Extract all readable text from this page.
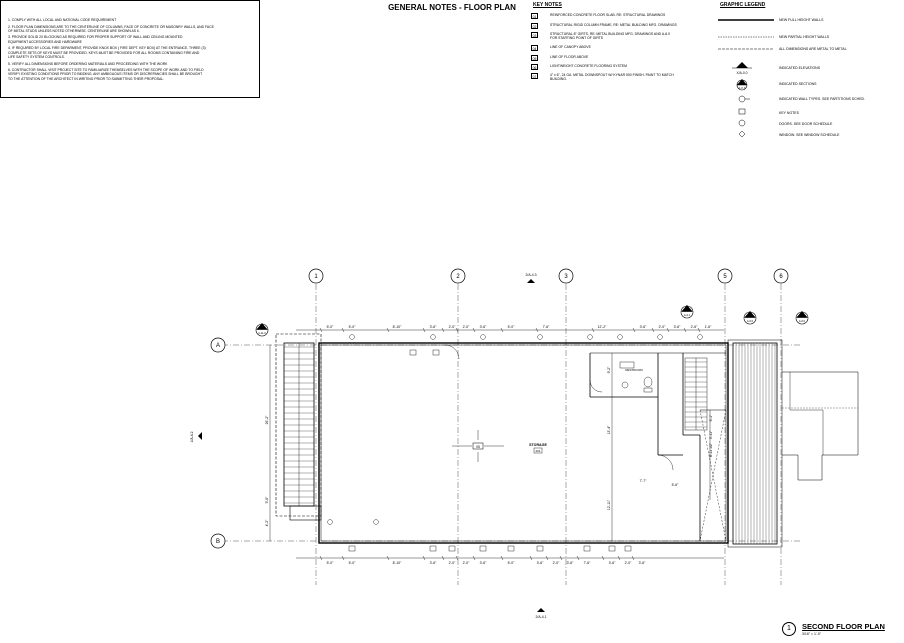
GENERAL NOTES - FLOOR PLAN
1. COMPLY WITH ALL LOCAL AND NATIONAL CODE REQUIREMENT
2. FLOOR PLAN DIMENSIONS ARE TO THE CENTERLINE OF COLUMNS, FACE OF CONCRETE OR MASONRY WALLS, AND FACE
OF METAL STUDS UNLESS NOTED OTHERWISE. CENTERLINE ARE SHOWN AS ¢.
3. PROVIDE SOLID 2X BLOCKING AS REQUIRED FOR PROPER SUPPORT OF WALL AND CEILING MOUNTED
EQUIPMENT ACCESSORIES AND HARDWARE
4. IF REQUIRED BY LOCAL FIRE DEPARMENT, PROVIDE KNOX BOX ( FIRE DEPT. KEY BOX) AT THE ENTRANCE, THREE (3)
COMPLETE SETS OF KEYS MUST BE PROVIDED. KEYS MUST BE PROVIDED FOR ALL ROOMS CONTAINING FIRE AND
LIFE SAFETY SYSTEM CONTROLS.
5. VERIFY ALL DIMENSIONS BEFORE ORDERING MATERIALS AND PROCEEDING WITH THE WORK
6. CONTRACTOR SHALL VISIT PROJECT SITE TO FAMILIARIZE THEMSELVES WITH THE SCOPE OF WORK AND TO FIELD
VERIFY EXISTING CONDITIONS PRIOR TO BIDDING. ANY AMBIGUOUS ITEMS OR DISCREPANCIES SHALL BE BROUGHT
TO THE ATTENTION OF THE ARCHITECT IN WRITING PRIOR TO SUBMITTING THEIR PROPOSAL.
KEY NOTES
01	REINFORCED CONCRETE FLOOR SLAB. RE: STRUCTURAL DRAWINGS
02	STRUCTURAL RIGID COLUMN FRAME, RE: METAL BUILDING MFG. DRAWINGS
03	STRUCTURAL 8" GIRTS, RE: METAL BUILDING MFG. DRAWINGS AND A-6.0
FOR STARTING POINT OF GIRTS
04	LINE OF CANOPY ABOVE
05	LINE OF FLOOR ABOVE
06	LIGHTWEIGHT CONCRETE FLOORING SYSTEM
07	4" x 6", 24 GA. METAL DOWNSPOUT W/ KYNAR 500 FINISH. PAINT TO MATCH
BUILDING.
GRAPHIC LEGEND
X/A-0.0
A-X.X
NEW FULL HEIGHT WALLS
NEW PARTIAL HEIGHT WALLS
ALL DIMENSIONS ARE METAL TO METAL
INDICATED ELEVATIONS
INDICATED SECTIONS
INDICATED WALL TYPES. SEE PARTITIONS SCHED.
KEY NOTES
DOORS. SEE DOOR SCHEDULE
WINDOW. SEE WINDOW SCHEDULE
1	2	3	5	6
A
B
RESTROOM
05	STORAGE
201
5'-0"	5'-0"	8'-10"	3'-6"	2'-0" 2'-0"	3'-6"	5'-0"	7'-6"	12'-2"	3'-6"	2'-0" 3'-6"	2'-6" 1'-6"
5'-0"	5'-0"	8'-10"	3'-6"	2'-0" 2'-0"	3'-6"	5'-0"	3'-6"	2'-0" 3'-6"	7'-6"	3'-6"	2'-0" 3'-6"
26'-2"
5'-6"
4'-2"
9'-2"
13'-4"
12'-11"
5'-6"
7'-7"
6'-1"
5'-11"
8'-11 1/2"
2
A-4.1	1
A-6.0
3
A-6.0
3
A-11.0
2/A-4.3
2/A-4.1
1/A-4.2
1	SECOND FLOOR PLAN
3/16" = 1'-0"
